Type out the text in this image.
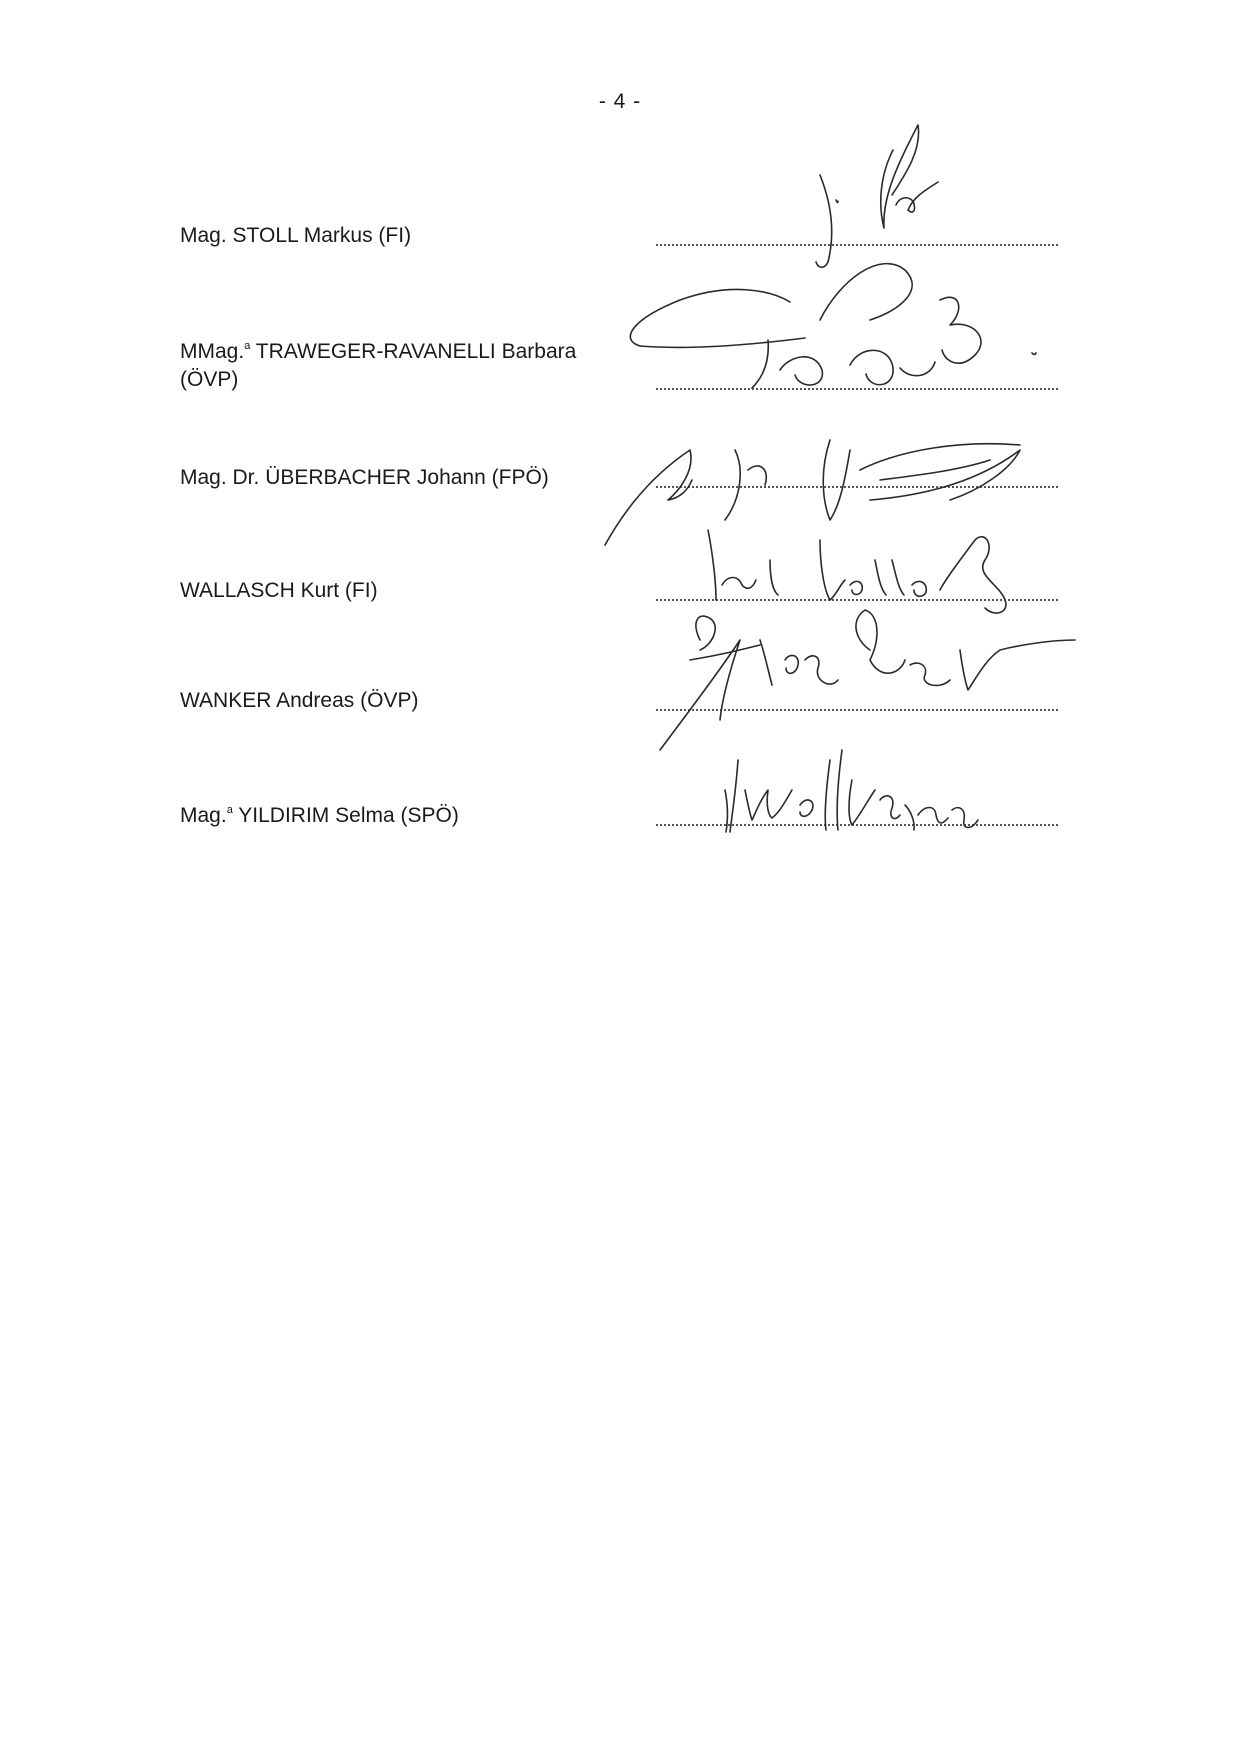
- 4 -
Mag. STOLL Markus (FI)
MMag.$^a$ TRAWEGER-RAVANELLI Barbara
(ÖVP)
Mag. Dr. ÜBERBACHER Johann (FPÖ)
WALLASCH Kurt (FI)
WANKER Andreas (ÖVP)
Mag.$^a$ YILDIRIM Selma (SPÖ)
